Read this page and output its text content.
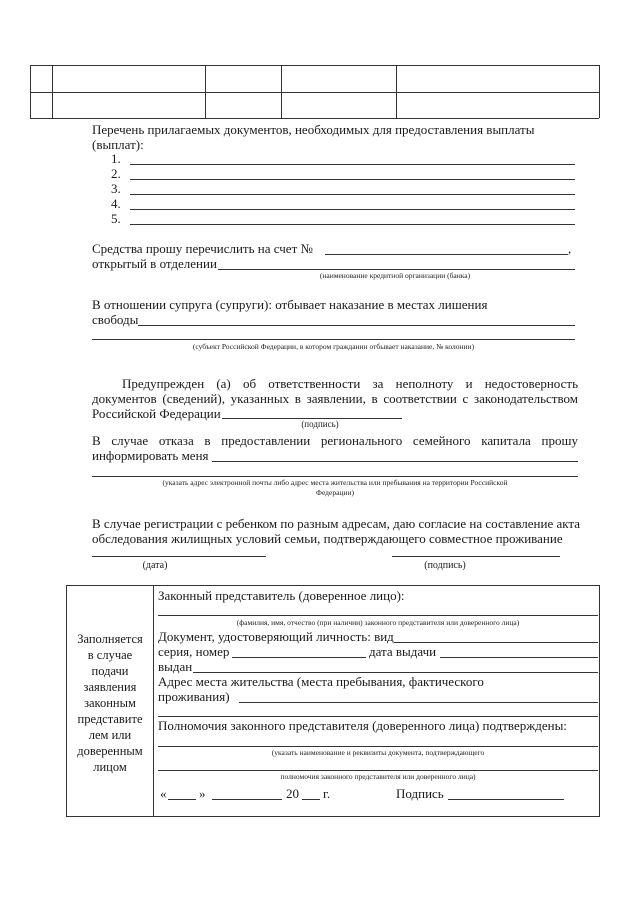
Перечень прилагаемых документов, необходимых для предоставления выплаты
(выплат):
1.
2.
3.
4.
5.
Средства прошу перечислить на счет №	,
открытый в отделении
(наименование кредитной организации (банка)
В отношении супруга (супруги): отбывает наказание в местах лишения
свободы
(субъект Российской Федерации, в котором гражданин отбывает наказание, № колонии)
Предупрежден (а) об ответственности за неполноту и недостоверность
документов (сведений), указанных в заявлении, в соответствии с законодательством
Российской Федерации
(подпись)
В случае отказа в предоставлении регионального семейного капитала прошу
информировать меня
(указать адрес электронной почты либо адрес места жительства или пребывания на территории Российской
Федерации)
В случае регистрации с ребенком по разным адресам, даю согласие на составление акта
обследования жилищных условий семьи, подтверждающего совместное проживание
(дата)	(подпись)
Заполняется
в случае
подачи
заявления
законным
представите
лем или
доверенным
лицом
Законный представитель (доверенное лицо):
(фамилия, имя, отчество (при наличии) законного представителя или доверенного лица)
Документ, удостоверяющий личность: вид
серия, номер	дата выдачи
выдан
Адрес места жительства (места пребывания, фактического
проживания)
Полномочия законного представителя (доверенного лица) подтверждены:
(указать наименование и реквизиты документа, подтверждающего
полномочия законного представителя или доверенного лица)
«	»	20 г.	Подпись
